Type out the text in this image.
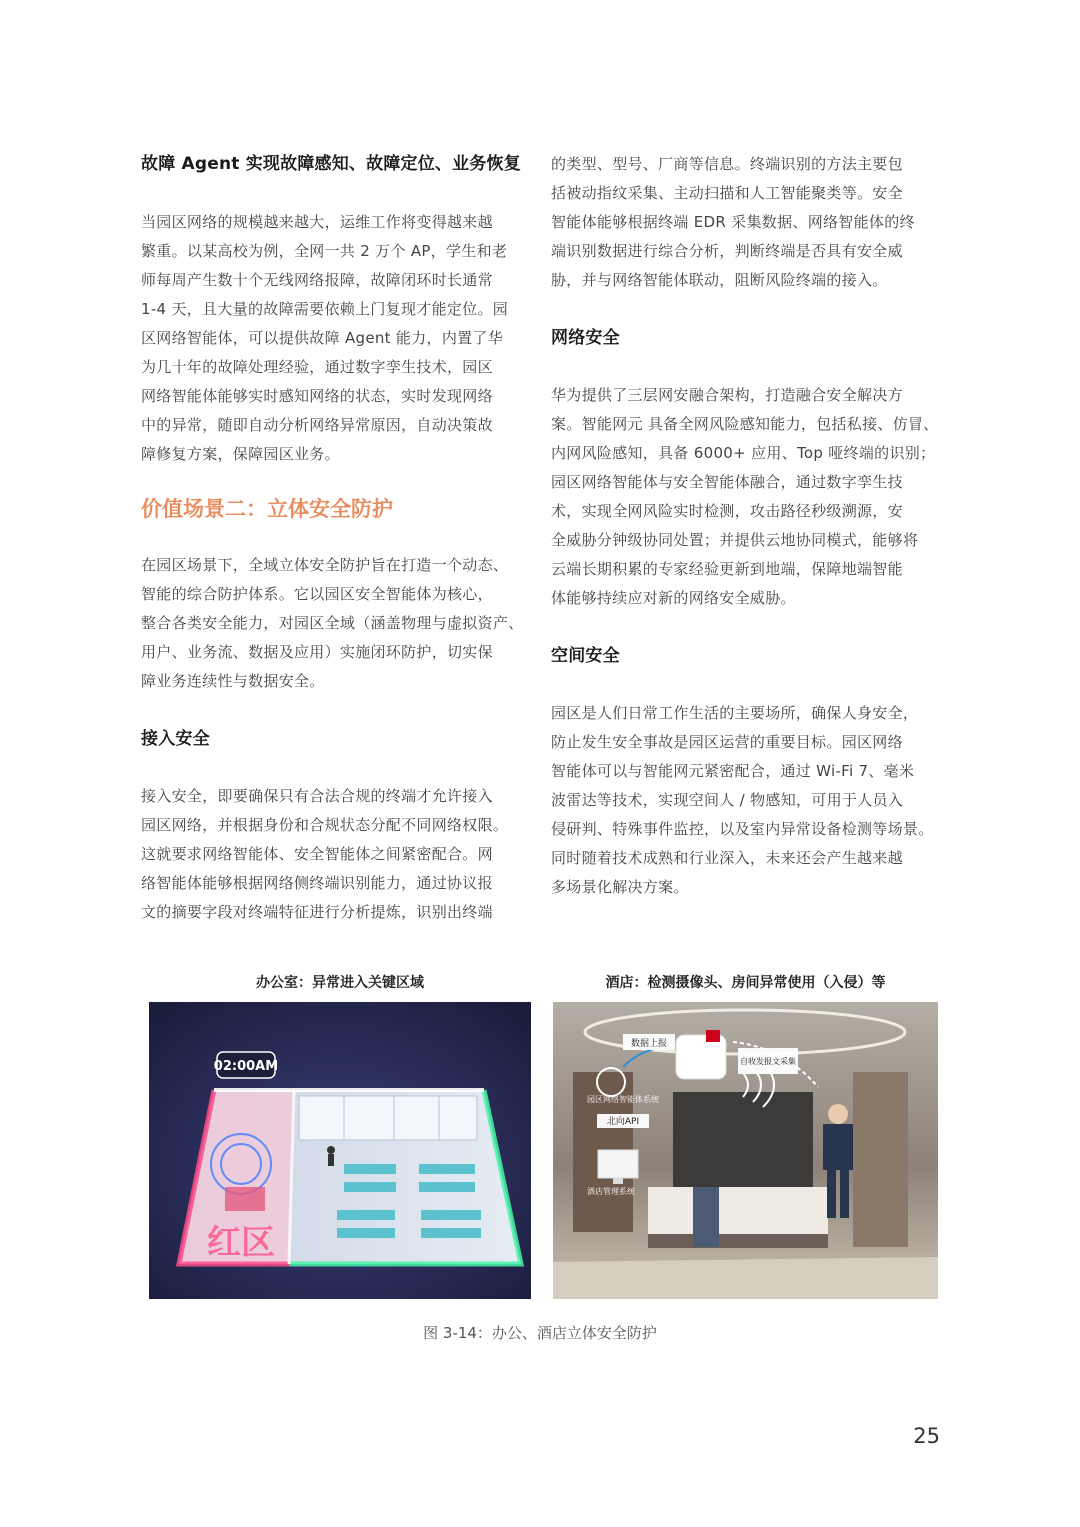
故障 Agent 实现故障感知、故障定位、业务恢复

当园区网络的规模越来越大，运维工作将变得越来越
繁重。以某高校为例，全网一共 2 万个 AP，学生和老
师每周产生数十个无线网络报障，故障闭环时长通常
1-4 天，且大量的故障需要依赖上门复现才能定位。园
区网络智能体，可以提供故障 Agent 能力，内置了华
为几十年的故障处理经验，通过数字孪生技术，园区
网络智能体能够实时感知网络的状态，实时发现网络
中的异常，随即自动分析网络异常原因，自动决策故
障修复方案，保障园区业务。

价值场景二：立体安全防护

在园区场景下，全域立体安全防护旨在打造一个动态、
智能的综合防护体系。它以园区安全智能体为核心，
整合各类安全能力，对园区全域（涵盖物理与虚拟资产、
用户、业务流、数据及应用）实施闭环防护，切实保
障业务连续性与数据安全。

接入安全

接入安全，即要确保只有合法合规的终端才允许接入
园区网络，并根据身份和合规状态分配不同网络权限。
这就要求网络智能体、安全智能体之间紧密配合。网
络智能体能够根据网络侧终端识别能力，通过协议报
文的摘要字段对终端特征进行分析提炼，识别出终端

的类型、型号、厂商等信息。终端识别的方法主要包
括被动指纹采集、主动扫描和人工智能聚类等。安全
智能体能够根据终端 EDR 采集数据、网络智能体的终
端识别数据进行综合分析，判断终端是否具有安全威
胁，并与网络智能体联动，阻断风险终端的接入。

网络安全

华为提供了三层网安融合架构，打造融合安全解决方
案。智能网元 具备全网风险感知能力，包括私接、仿冒、
内网风险感知，具备 6000+ 应用、Top 哑终端的识别；
园区网络智能体与安全智能体融合，通过数字孪生技
术，实现全网风险实时检测，攻击路径秒级溯源，安
全威胁分钟级协同处置；并提供云地协同模式，能够将
云端长期积累的专家经验更新到地端，保障地端智能
体能够持续应对新的网络安全威胁。

空间安全

园区是人们日常工作生活的主要场所，确保人身安全，
防止发生安全事故是园区运营的重要目标。园区网络
智能体可以与智能网元紧密配合，通过 Wi-Fi 7、毫米
波雷达等技术，实现空间人 / 物感知，可用于人员入
侵研判、特殊事件监控，以及室内异常设备检测等场景。
同时随着技术成熟和行业深入，未来还会产生越来越
多场景化解决方案。

办公室：异常进入关键区域
红区
02:00AM
酒店：检测摄像头、房间异常使用（入侵）等
数据上报
自收发报文采集
园区网络智能体系统
北向API
酒店管理系统
图 3-14：办公、酒店立体安全防护
25
